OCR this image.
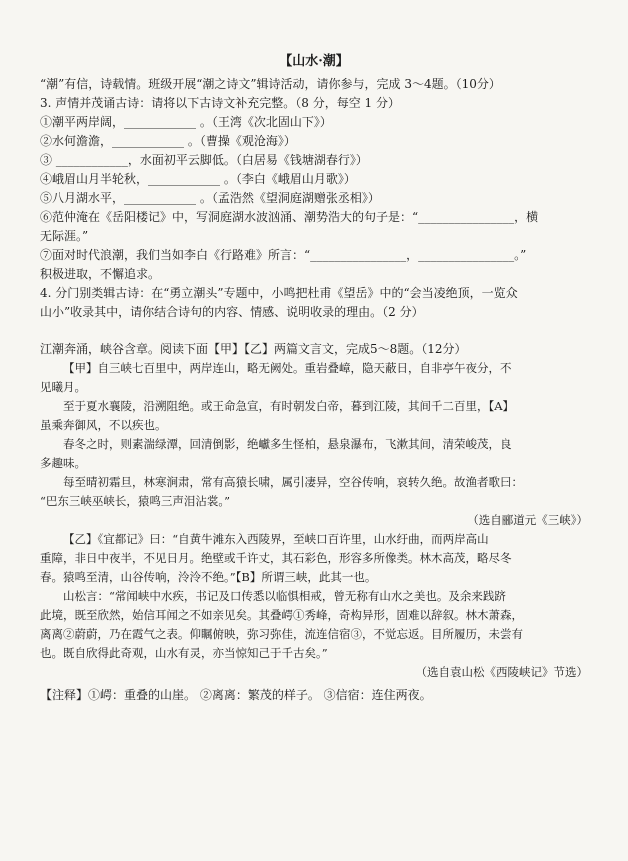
【山水·潮】
“潮”有信，诗载情。班级开展“潮之诗文”辑诗活动，请你参与，完成 3～4题。（10分）
3. 声情并茂诵古诗：请将以下古诗文补充完整。（8 分，每空 1 分）
①潮平两岸阔，____________ 。（王湾《次北固山下》）
②水何澹澹，____________ 。（曹操《观沧海》）
③ ____________，水面初平云脚低。（白居易《钱塘湖春行》）
④峨眉山月半轮秋，____________ 。（李白《峨眉山月歌》）
⑤八月湖水平，____________ 。（孟浩然《望洞庭湖赠张丞相》）
⑥范仲淹在《岳阳楼记》中，写洞庭湖水波汹涌、潮势浩大的句子是：“________________，横
无际涯。”
⑦面对时代浪潮，我们当如李白《行路难》所言：“________________，________________。”
积极进取，不懈追求。
4. 分门别类辑古诗：在“勇立潮头”专题中，小鸣把杜甫《望岳》中的“会当凌绝顶，一览众
山小”收录其中，请你结合诗句的内容、情感、说明收录的理由。（2 分）
江潮奔涌，峡谷含章。阅读下面【甲】【乙】两篇文言文，完成5～8题。（12分）
【甲】自三峡七百里中，两岸连山，略无阙处。重岩叠嶂，隐天蔽日，自非亭午夜分，不
见曦月。
至于夏水襄陵，沿溯阻绝。或王命急宣，有时朝发白帝，暮到江陵，其间千二百里，【A】
虽乘奔御风，不以疾也。
春冬之时，则素湍绿潭，回清倒影，绝巘多生怪柏，悬泉瀑布，飞漱其间，清荣峻茂，良
多趣味。
每至晴初霜旦，林寒涧肃，常有高猿长啸，属引凄异，空谷传响，哀转久绝。故渔者歌曰：
“巴东三峡巫峡长，猿鸣三声泪沾裳。”
（选自郦道元《三峡》）
【乙】《宜都记》曰：“自黄牛滩东入西陵界，至峡口百许里，山水纡曲，而两岸高山
重障，非日中夜半，不见日月。绝壁或千许丈，其石彩色，形容多所像类。林木高茂，略尽冬
春。猿鸣至清，山谷传响，泠泠不绝。”【B】所谓三峡，此其一也。
山松言：“常闻峡中水疾，书记及口传悉以临惧相戒，曾无称有山水之美也。及余来践跻
此境，既至欣然，始信耳闻之不如亲见矣。其叠崿①秀峰，奇构异形，固难以辞叙。林木萧森，
离离②蔚蔚，乃在霞气之表。仰瞩俯映，弥习弥佳，流连信宿③，不觉忘返。目所履历，未尝有
也。既自欣得此奇观，山水有灵，亦当惊知己于千古矣。”
（选自袁山松《西陵峡记》节选）
【注释】①崿：重叠的山崖。 ②离离：繁茂的样子。 ③信宿：连住两夜。
